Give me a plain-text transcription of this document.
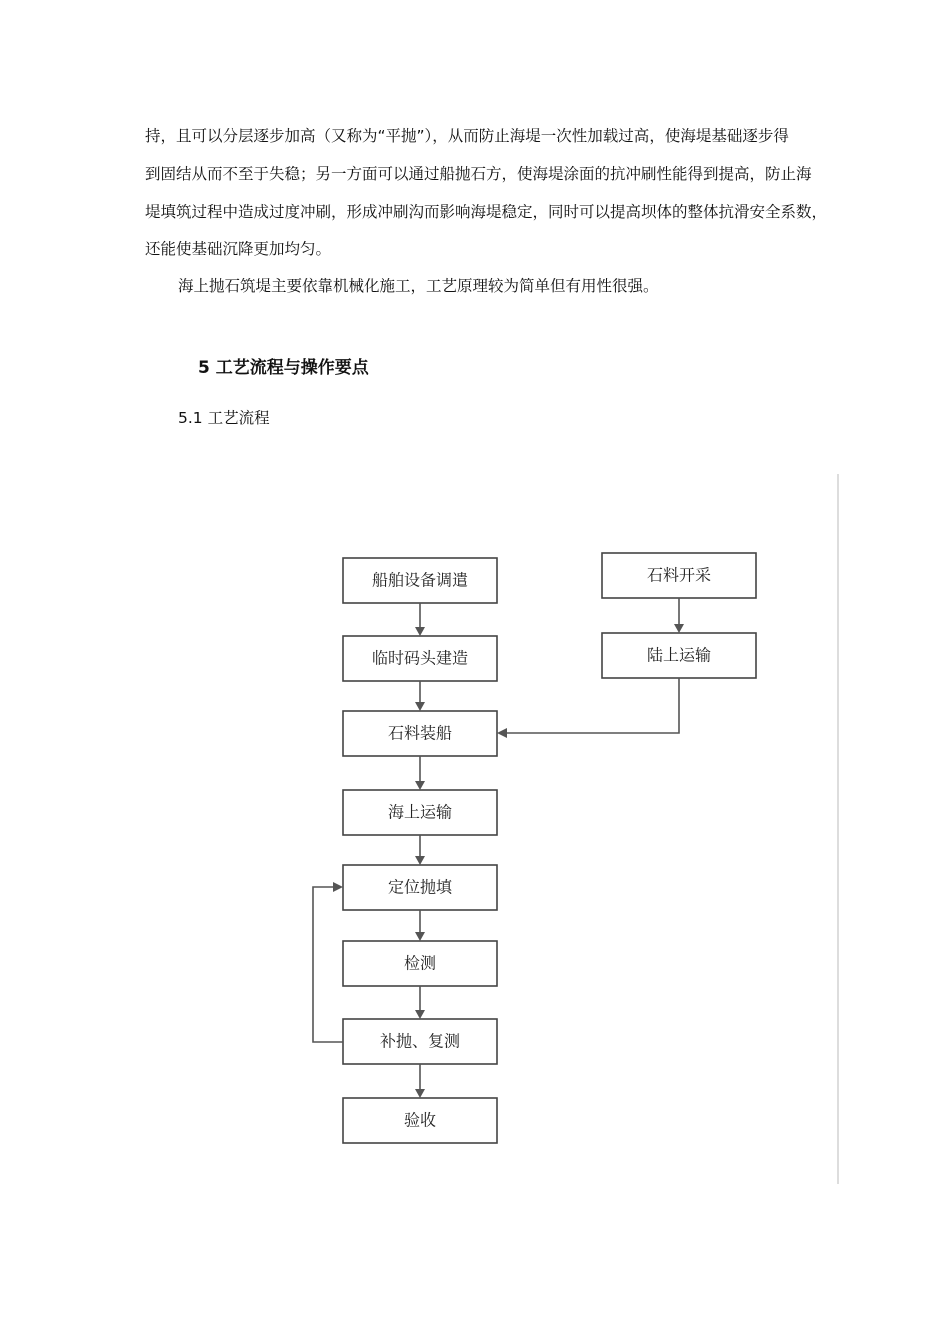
持，且可以分层逐步加高（又称为“平抛”），从而防止海堤一次性加载过高，使海堤基础逐步得
到固结从而不至于失稳；另一方面可以通过船抛石方，使海堤涂面的抗冲刷性能得到提高，防止海
堤填筑过程中造成过度冲刷，形成冲刷沟而影响海堤稳定，同时可以提高坝体的整体抗滑安全系数，
还能使基础沉降更加均匀。
海上抛石筑堤主要依靠机械化施工，工艺原理较为简单但有用性很强。
5 工艺流程与操作要点
5.1 工艺流程
船舶设备调遣
临时码头建造
石料装船
海上运输
定位抛填
检测
补抛、复测
验收
石料开采
陆上运输
